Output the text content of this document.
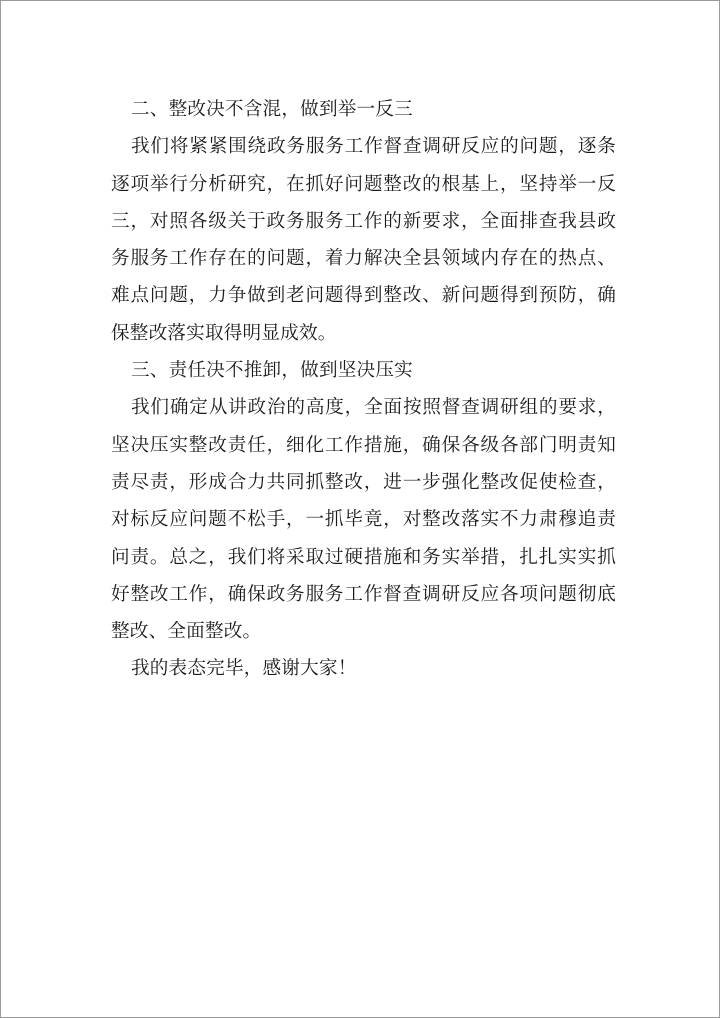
二、整改决不含混，做到举一反三

我们将紧紧围绕政务服务工作督查调研反应的问题，逐条逐项举行分析研究，在抓好问题整改的根基上，坚持举一反三，对照各级关于政务服务工作的新要求，全面排查我县政务服务工作存在的问题，着力解决全县领域内存在的热点、难点问题，力争做到老问题得到整改、新问题得到预防，确保整改落实取得明显成效。

三、责任决不推卸，做到坚决压实

我们确定从讲政治的高度，全面按照督查调研组的要求，坚决压实整改责任，细化工作措施，确保各级各部门明责知责尽责，形成合力共同抓整改，进一步强化整改促使检查，对标反应问题不松手，一抓毕竟，对整改落实不力肃穆追责问责。总之，我们将采取过硬措施和务实举措，扎扎实实抓好整改工作，确保政务服务工作督查调研反应各项问题彻底整改、全面整改。

我的表态完毕，感谢大家！
